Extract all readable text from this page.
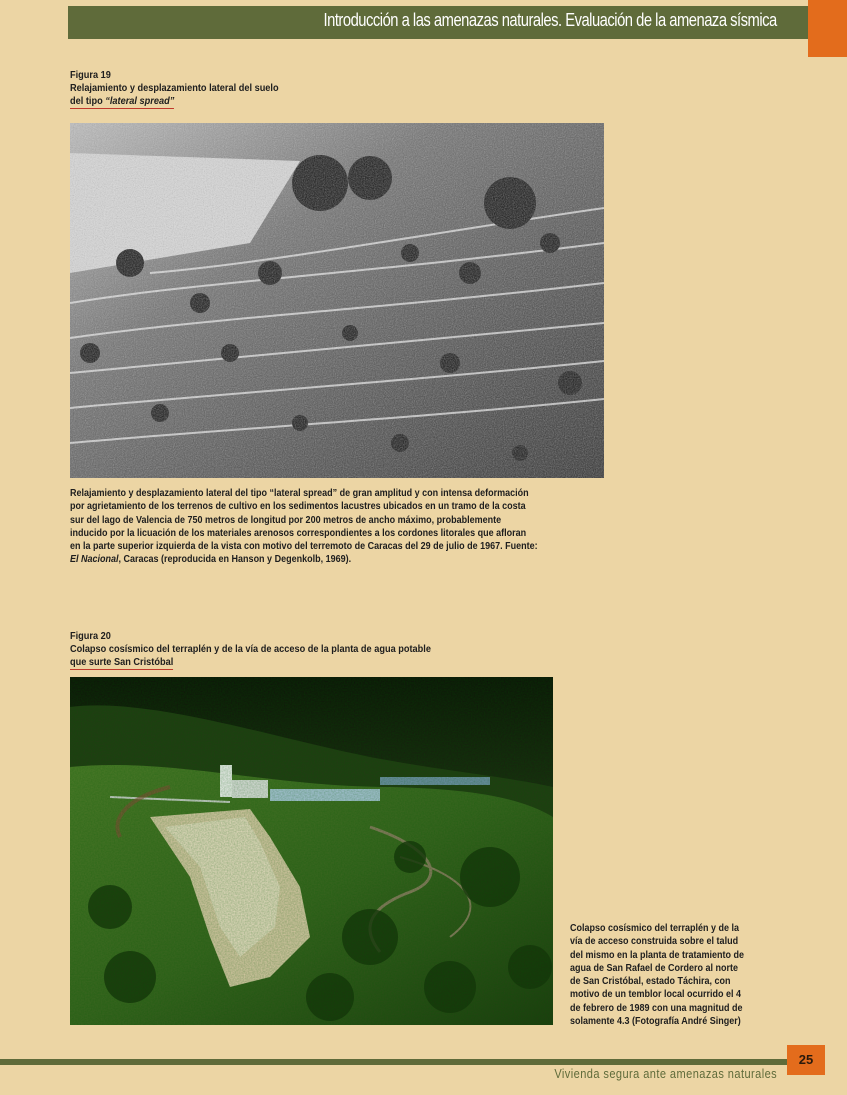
Introducción a las amenazas naturales. Evaluación de la amenaza sísmica
Figura 19
Relajamiento y desplazamiento lateral del suelo
del tipo “lateral spread”
Relajamiento y desplazamiento lateral del tipo “lateral spread” de gran amplitud y con intensa deformación por agrietamiento de los terrenos de cultivo en los sedimentos lacustres ubicados en un tramo de la costa sur del lago de Valencia de 750 metros de longitud por 200 metros de ancho máximo, probablemente inducido por la licuación de los materiales arenosos correspondientes a los cordones litorales que afloran en la parte superior izquierda de la vista con motivo del terremoto de Caracas del 29 de julio de 1967. Fuente: El Nacional, Caracas (reproducida en Hanson y Degenkolb, 1969).
Figura 20
Colapso cosísmico del terraplén y de la vía de acceso de la planta de agua potable
que surte San Cristóbal
Colapso cosísmico del terraplén y de la vía de acceso construida sobre el talud del mismo en la planta de tratamiento de agua de San Rafael de Cordero al norte de San Cristóbal, estado Táchira, con motivo de un temblor local ocurrido el 4 de febrero de 1989 con una magnitud de solamente 4.3 (Fotografía André Singer)
Vivienda segura ante amenazas naturales
25
